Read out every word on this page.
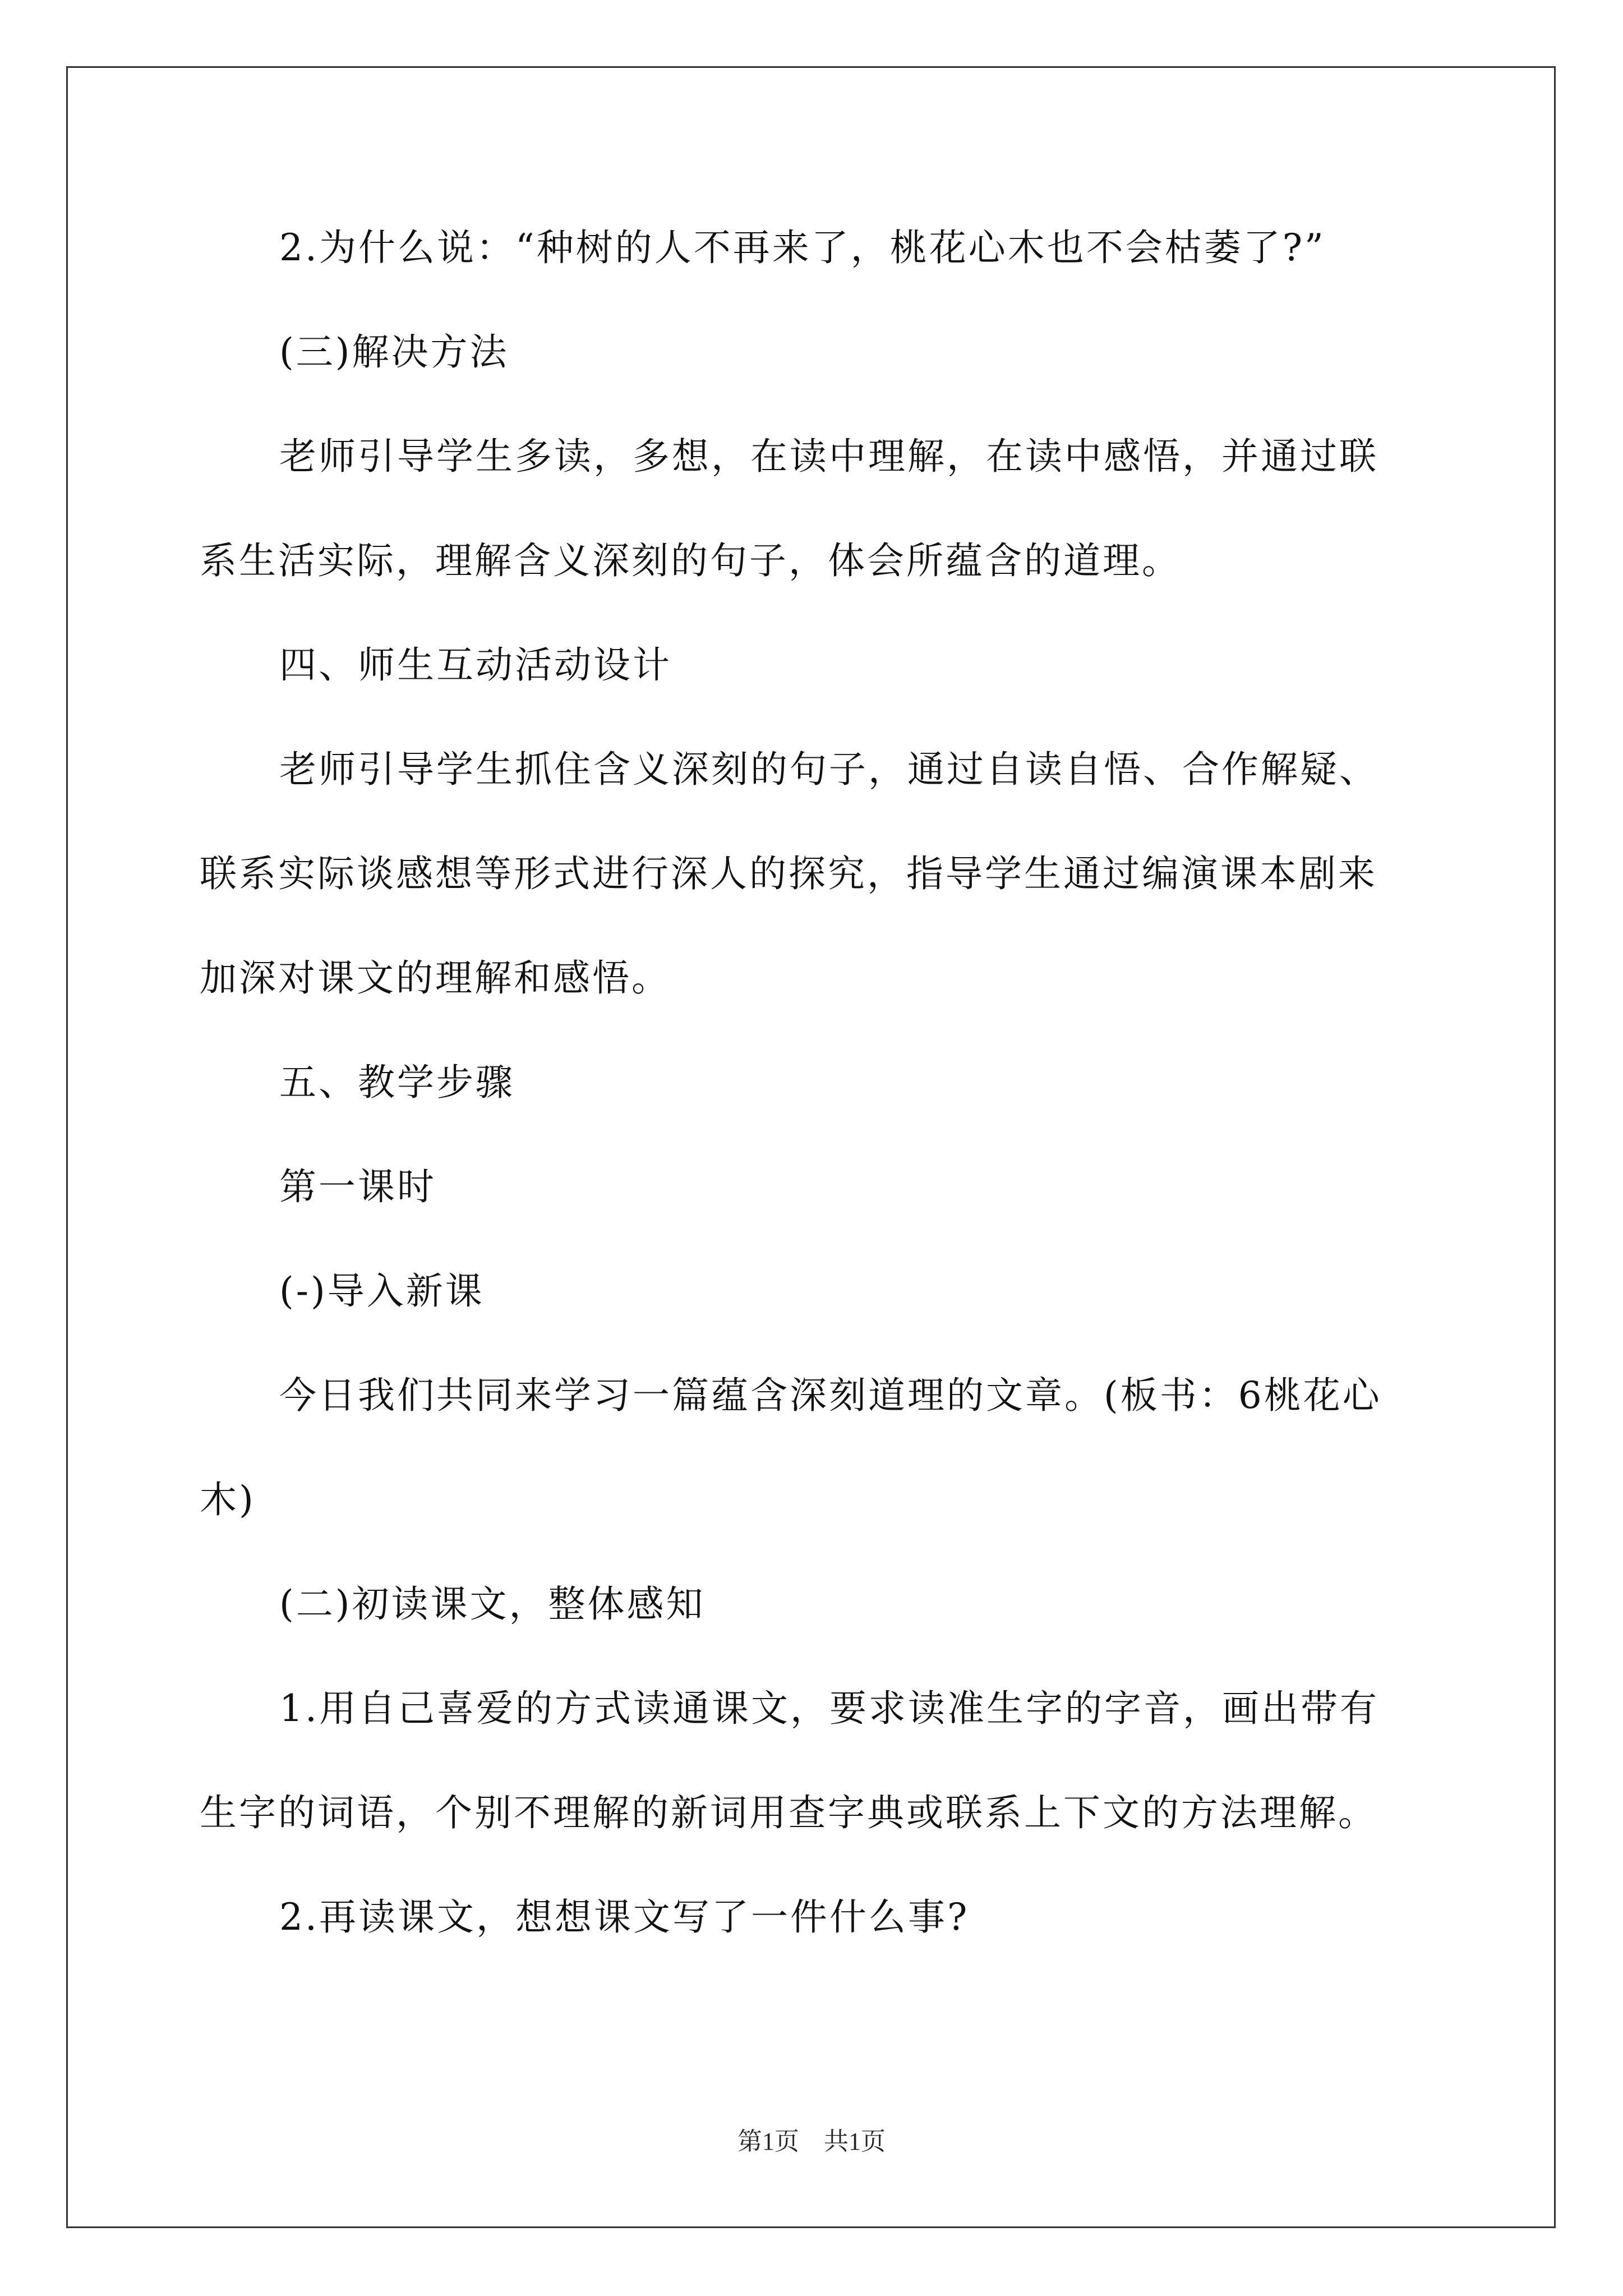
2.为什么说：“种树的人不再来了，桃花心木也不会枯萎了?”
(三)解决方法
老师引导学生多读，多想，在读中理解，在读中感悟，并通过联
系生活实际，理解含义深刻的句子，体会所蕴含的道理。
四、师生互动活动设计
老师引导学生抓住含义深刻的句子，通过自读自悟、合作解疑、
联系实际谈感想等形式进行深人的探究，指导学生通过编演课本剧来
加深对课文的理解和感悟。
五、教学步骤
第一课时
(-)导入新课
今日我们共同来学习一篇蕴含深刻道理的文章。(板书：6桃花心
木)
(二)初读课文，整体感知
1.用自己喜爱的方式读通课文，要求读准生字的字音，画出带有
生字的词语，个别不理解的新词用查字典或联系上下文的方法理解。
2.再读课文，想想课文写了一件什么事?
第1页　共1页
